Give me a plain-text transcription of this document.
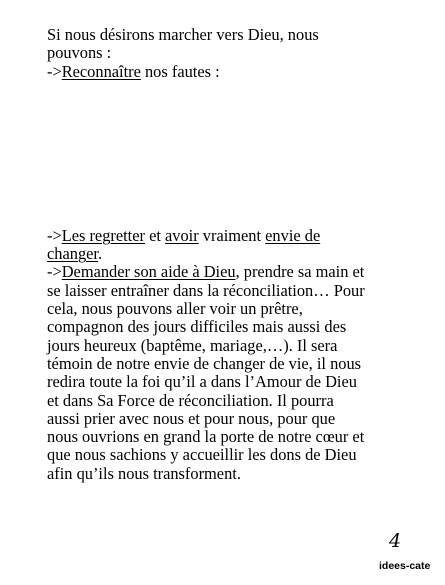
Si nous désirons marcher vers Dieu, nous
pouvons :
->Reconnaître nos fautes :

->Les regretter et avoir vraiment envie de
changer.
->Demander son aide à Dieu, prendre sa main et
se laisser entraîner dans la réconciliation… Pour
cela, nous pouvons aller voir un prêtre,
compagnon des jours difficiles mais aussi des
jours heureux (baptême, mariage,…). Il sera
témoin de notre envie de changer de vie, il nous
redira toute la foi qu’il a dans l’Amour de Dieu
et dans Sa Force de réconciliation. Il pourra
aussi prier avec nous et pour nous, pour que
nous ouvrions en grand la porte de notre cœur et
que nous sachions y accueillir les dons de Dieu
afin qu’ils nous transforment.

4
idees-cate
